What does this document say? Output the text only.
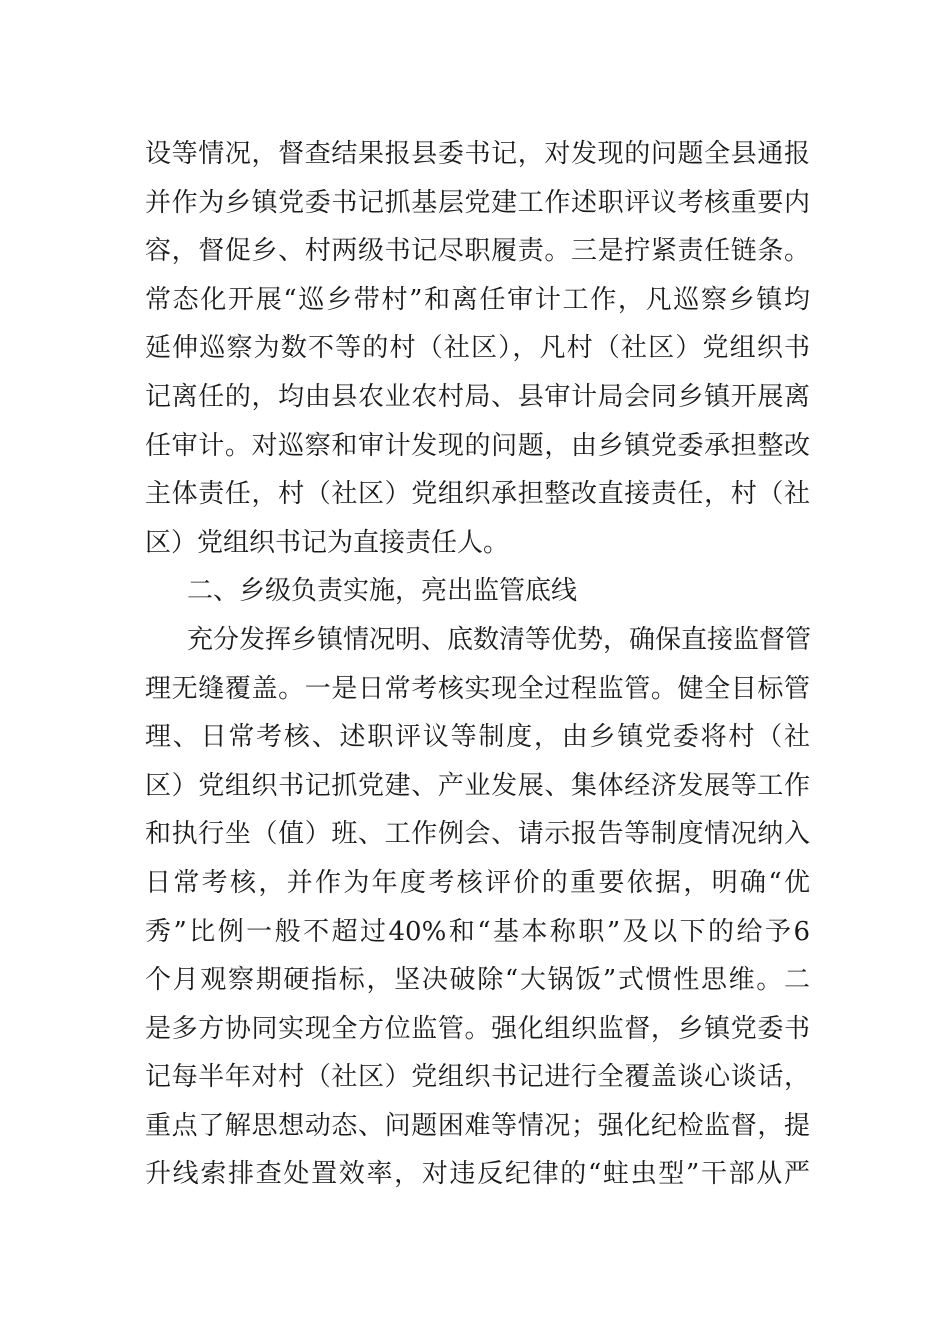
设等情况，督查结果报县委书记，对发现的问题全县通报
并作为乡镇党委书记抓基层党建工作述职评议考核重要内
容，督促乡、村两级书记尽职履责。三是拧紧责任链条。
常态化开展“巡乡带村”和离任审计工作，凡巡察乡镇均
延伸巡察为数不等的村（社区），凡村（社区）党组织书
记离任的，均由县农业农村局、县审计局会同乡镇开展离
任审计。对巡察和审计发现的问题，由乡镇党委承担整改
主体责任，村（社区）党组织承担整改直接责任，村（社
区）党组织书记为直接责任人。
二、乡级负责实施，亮出监管底线
充分发挥乡镇情况明、底数清等优势，确保直接监督管
理无缝覆盖。一是日常考核实现全过程监管。健全目标管
理、日常考核、述职评议等制度，由乡镇党委将村（社
区）党组织书记抓党建、产业发展、集体经济发展等工作
和执行坐（值）班、工作例会、请示报告等制度情况纳入
日常考核，并作为年度考核评价的重要依据，明确“优
秀”比例一般不超过40%和“基本称职”及以下的给予6
个月观察期硬指标，坚决破除“大锅饭”式惯性思维。二
是多方协同实现全方位监管。强化组织监督，乡镇党委书
记每半年对村（社区）党组织书记进行全覆盖谈心谈话，
重点了解思想动态、问题困难等情况；强化纪检监督，提
升线索排查处置效率，对违反纪律的“蛀虫型”干部从严
